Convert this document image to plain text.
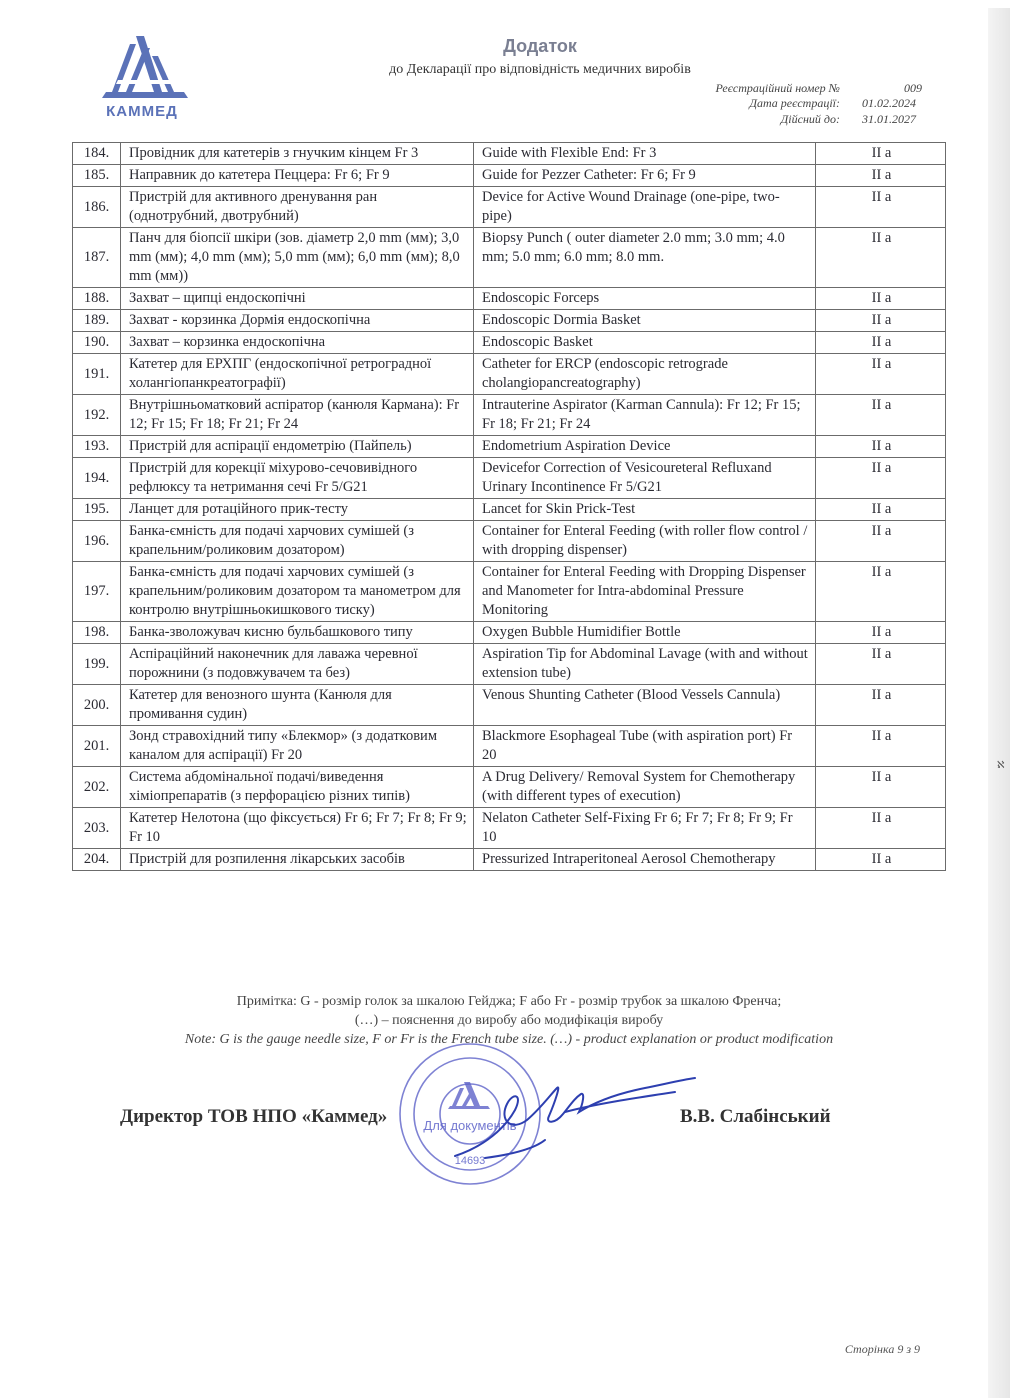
КАММЕД
Додаток
до Декларації про відповідність медичних виробів
Реєстраційний номер №	009
Дата реєстрації: 01.02.2024
Дійсний до: 31.01.2027
184.	Провідник для катетерів з гнучким кінцем Fr 3	Guide with Flexible End: Fr 3	II а
185.	Направник до катетера Пеццера: Fr 6; Fr 9	Guide for Pezzer Catheter: Fr 6; Fr 9	II а
186.	Пристрій для активного дренування ран (однотрубний, двотрубний)	Device for Active Wound Drainage (one-pipe, two-pipe)	II а
187.	Панч для біопсії шкіри (зов. діаметр 2,0 mm (мм); 3,0 mm (мм); 4,0 mm (мм); 5,0 mm (мм); 6,0 mm (мм); 8,0 mm (мм))	Biopsy Punch ( outer diameter 2.0 mm; 3.0 mm; 4.0 mm; 5.0 mm; 6.0 mm; 8.0 mm.	II а
188.	Захват – щипці ендоскопічні	Endoscopic Forceps	II а
189.	Захват - корзинка Дормія ендоскопічна	Endoscopic Dormia Basket	II а
190.	Захват – корзинка ендоскопічна	Endoscopic Basket	II а
191.	Катетер для ЕРХПГ (ендоскопічної ретроградної холангіопанкреатографії)	Catheter for ERCP (endoscopic retrograde cholangiopancreatography)	II а
192.	Внутрішньоматковий аспіратор (канюля Кармана): Fr 12; Fr 15; Fr 18; Fr 21; Fr 24	Intrauterine Aspirator (Karman Cannula): Fr 12; Fr 15; Fr 18; Fr 21; Fr 24	II а
193.	Пристрій для аспірації ендометрію (Пайпель)	Endometrium Aspiration Device	II а
194.	Пристрій для корекції міхурово-сечовивідного рефлюксу та нетримання сечі Fr 5/G21	Devicefor Correction of Vesicoureteral Refluxand Urinary Incontinence Fr 5/G21	II а
195.	Ланцет для ротаційного прик-тесту	Lancet for Skin Prick-Test	II а
196.	Банка-ємність для подачі харчових сумішей (з крапельним/роликовим дозатором)	Container for Enteral Feeding (with roller flow control / with dropping dispenser)	II а
197.	Банка-ємність для подачі харчових сумішей (з крапельним/роликовим дозатором та манометром для контролю внутрішньокишкового тиску)	Container for Enteral Feeding with Dropping Dispenser and Manometer for Intra-abdominal Pressure Monitoring	II а
198.	Банка-зволожувач кисню бульбашкового типу	Oxygen Bubble Humidifier Bottle	II а
199.	Аспіраційний наконечник для лаважа черевної порожнини (з подовжувачем та без)	Aspiration Tip for Abdominal Lavage (with and without extension tube)	II а
200.	Катетер для венозного шунта (Канюля для промивання судин)	Venous Shunting Catheter (Blood Vessels Cannula)	II а
201.	Зонд стравохідний типу «Блекмор» (з додатковим каналом для аспірації) Fr 20	Blackmore Esophageal Tube (with aspiration port) Fr 20	II а
202.	Система абдомінальної подачі/виведення хіміопрепаратів (з перфорацією різних типів)	A Drug Delivery/ Removal System for Chemotherapy (with different types of execution)	II а
203.	Катетер Нелотона (що фіксується) Fr 6; Fr 7; Fr 8; Fr 9; Fr 10	Nelaton Catheter Self-Fixing Fr 6; Fr 7; Fr 8; Fr 9; Fr 10	II а
204.	Пристрій для розпилення лікарських засобів	Pressurized Intraperitoneal Aerosol Chemotherapy	II а
Примітка: G - розмір голок за шкалою Гейджа; F або Fr - розмір трубок за шкалою Френча;
(…) – пояснення до виробу або модифікація виробу
Note: G is the gauge needle size, F or Fr is the French tube size. (…) - product explanation or product modification
Для документів
14693
Директор ТОВ НПО «Каммед»	В.В. Слабінський
Сторінка 9 з 9
ℵ
